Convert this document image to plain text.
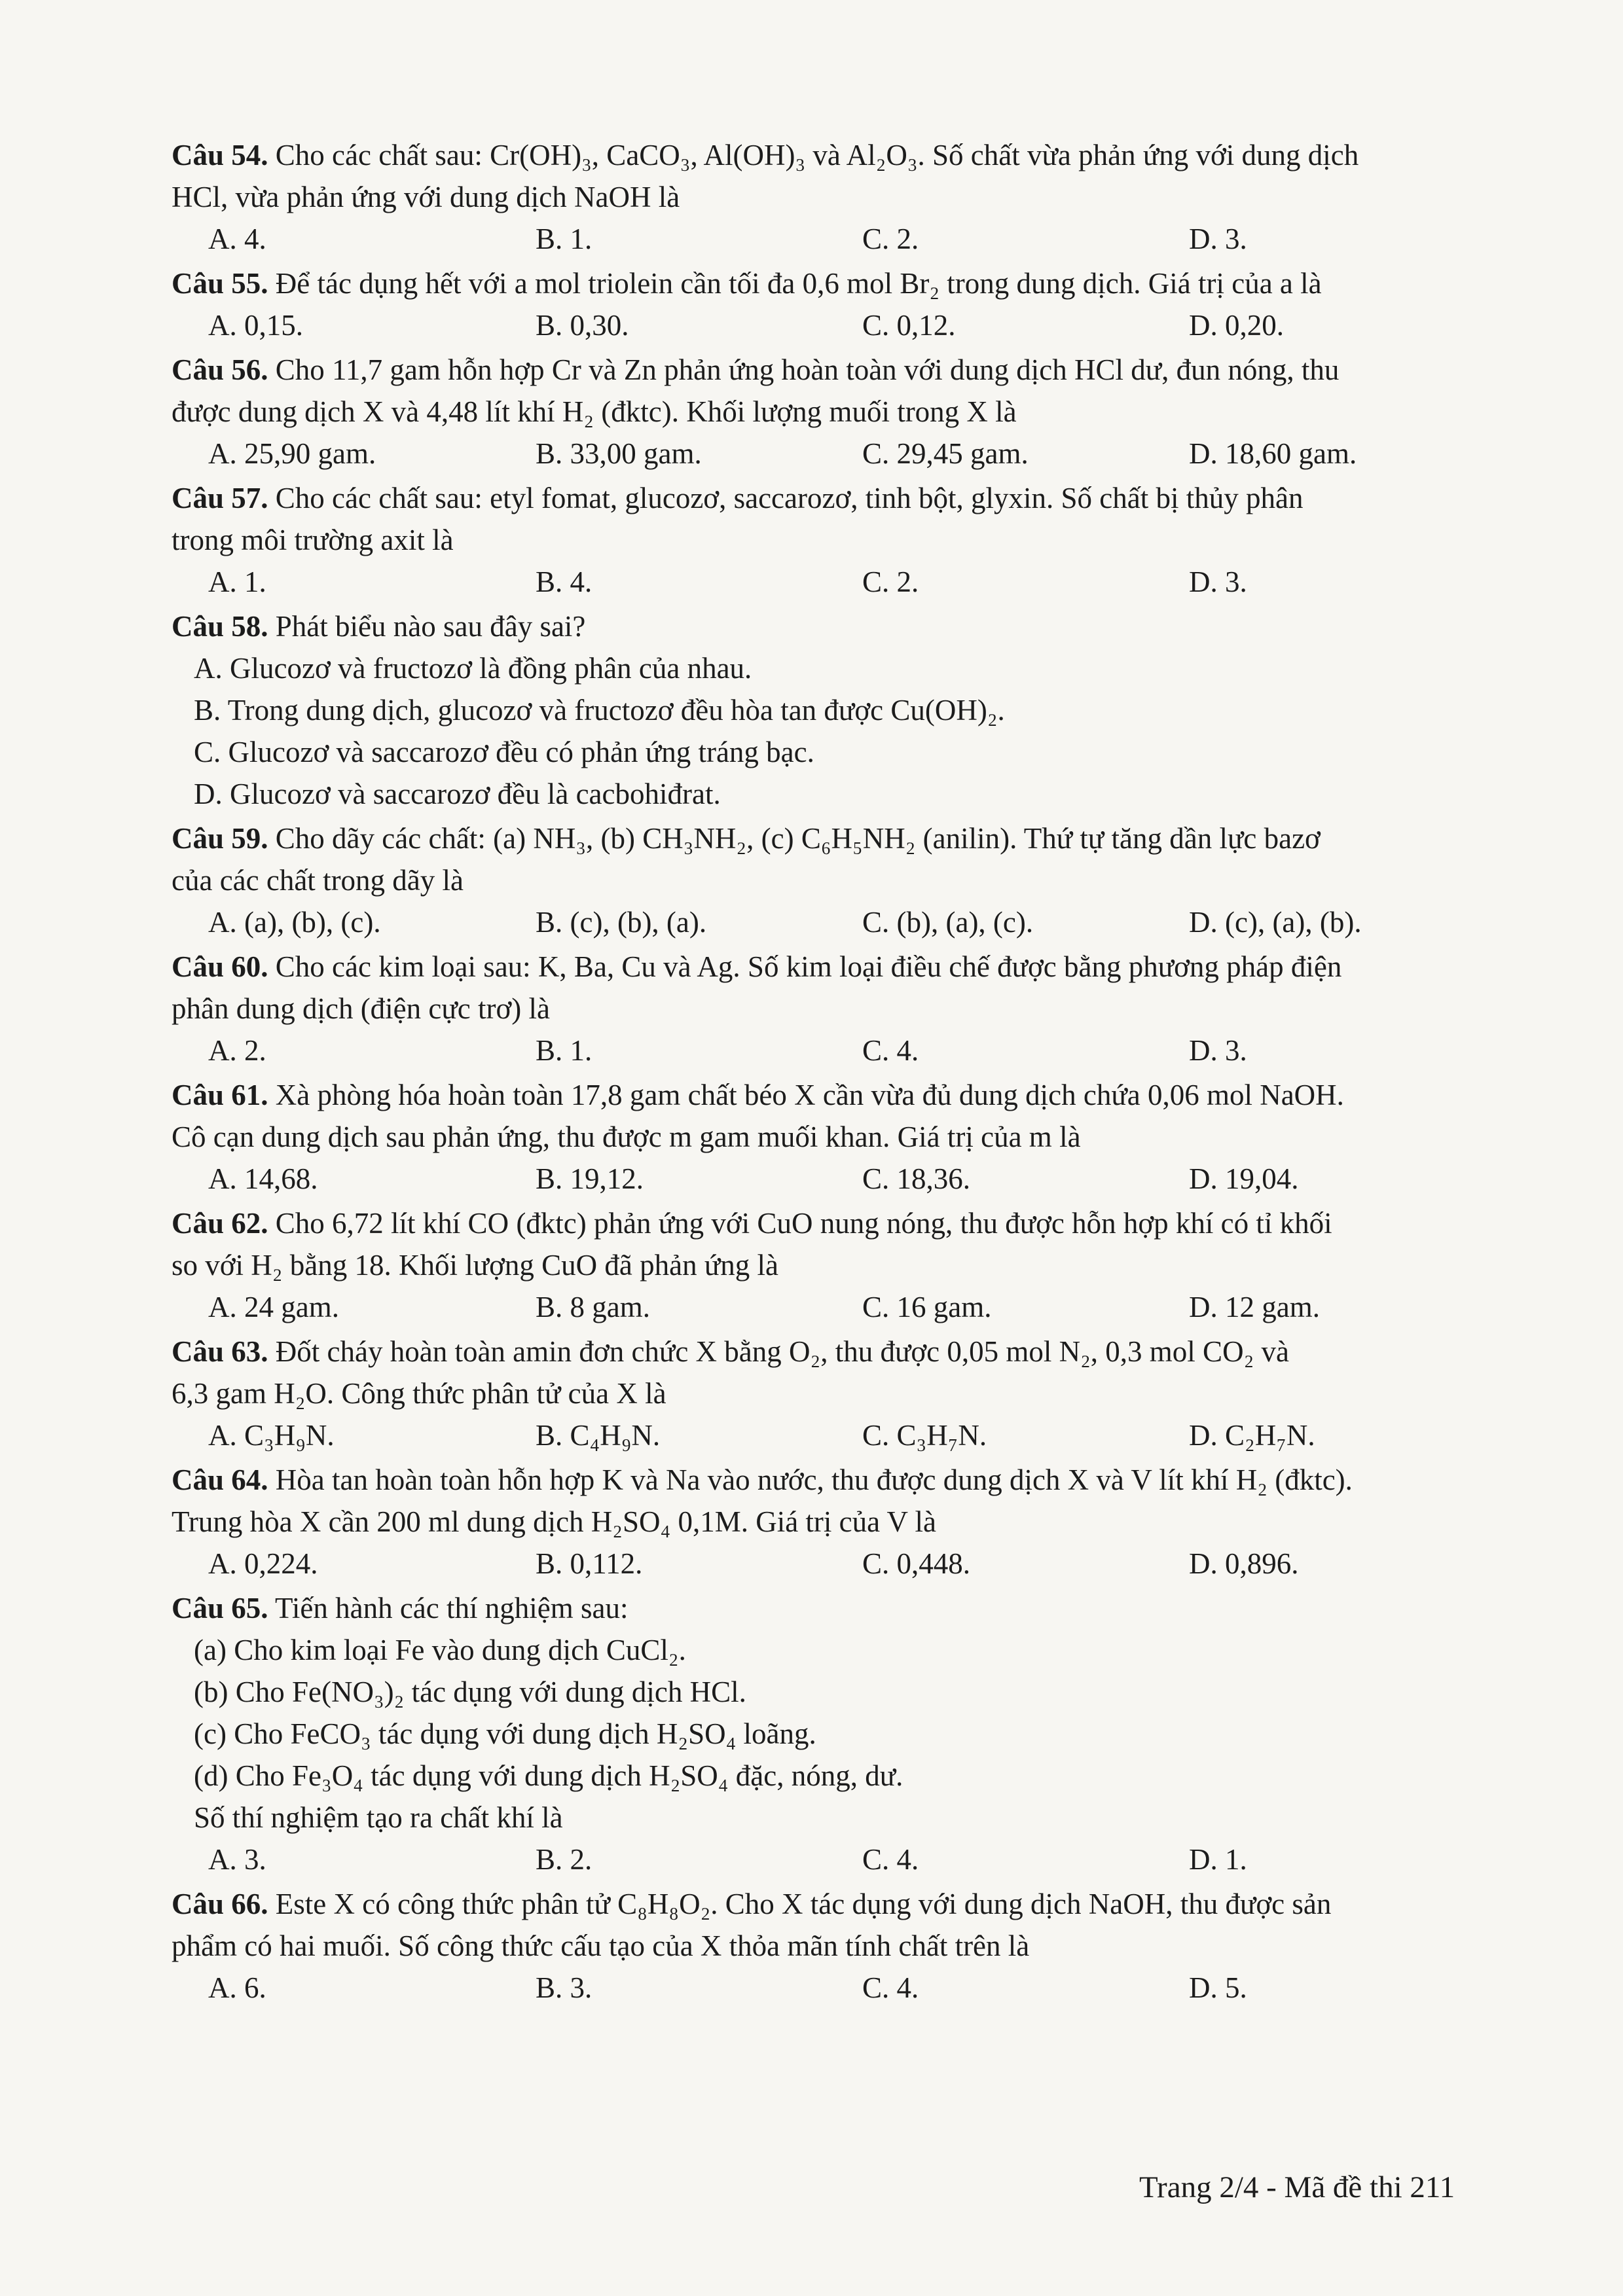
Câu 54. Cho các chất sau: Cr(OH)₃, CaCO₃, Al(OH)₃ và Al₂O₃. Số chất vừa phản ứng với dung dịch
HCl, vừa phản ứng với dung dịch NaOH là
A. 4.	B. 1.	C. 2.	D. 3.
Câu 55. Để tác dụng hết với a mol triolein cần tối đa 0,6 mol Br₂ trong dung dịch. Giá trị của a là
A. 0,15.	B. 0,30.	C. 0,12.	D. 0,20.
Câu 56. Cho 11,7 gam hỗn hợp Cr và Zn phản ứng hoàn toàn với dung dịch HCl dư, đun nóng, thu
được dung dịch X và 4,48 lít khí H₂ (đktc). Khối lượng muối trong X là
A. 25,90 gam.	B. 33,00 gam.	C. 29,45 gam.	D. 18,60 gam.
Câu 57. Cho các chất sau: etyl fomat, glucozơ, saccarozơ, tinh bột, glyxin. Số chất bị thủy phân
trong môi trường axit là
A. 1.	B. 4.	C. 2.	D. 3.
Câu 58. Phát biểu nào sau đây sai?
A. Glucozơ và fructozơ là đồng phân của nhau.
B. Trong dung dịch, glucozơ và fructozơ đều hòa tan được Cu(OH)₂.
C. Glucozơ và saccarozơ đều có phản ứng tráng bạc.
D. Glucozơ và saccarozơ đều là cacbohiđrat.
Câu 59. Cho dãy các chất: (a) NH₃, (b) CH₃NH₂, (c) C₆H₅NH₂ (anilin). Thứ tự tăng dần lực bazơ
của các chất trong dãy là
A. (a), (b), (c).	B. (c), (b), (a).	C. (b), (a), (c).	D. (c), (a), (b).
Câu 60. Cho các kim loại sau: K, Ba, Cu và Ag. Số kim loại điều chế được bằng phương pháp điện
phân dung dịch (điện cực trơ) là
A. 2.	B. 1.	C. 4.	D. 3.
Câu 61. Xà phòng hóa hoàn toàn 17,8 gam chất béo X cần vừa đủ dung dịch chứa 0,06 mol NaOH.
Cô cạn dung dịch sau phản ứng, thu được m gam muối khan. Giá trị của m là
A. 14,68.	B. 19,12.	C. 18,36.	D. 19,04.
Câu 62. Cho 6,72 lít khí CO (đktc) phản ứng với CuO nung nóng, thu được hỗn hợp khí có tỉ khối
so với H₂ bằng 18. Khối lượng CuO đã phản ứng là
A. 24 gam.	B. 8 gam.	C. 16 gam.	D. 12 gam.
Câu 63. Đốt cháy hoàn toàn amin đơn chức X bằng O₂, thu được 0,05 mol N₂, 0,3 mol CO₂ và
6,3 gam H₂O. Công thức phân tử của X là
A. C₃H₉N.	B. C₄H₉N.	C. C₃H₇N.	D. C₂H₇N.
Câu 64. Hòa tan hoàn toàn hỗn hợp K và Na vào nước, thu được dung dịch X và V lít khí H₂ (đktc).
Trung hòa X cần 200 ml dung dịch H₂SO₄ 0,1M. Giá trị của V là
A. 0,224.	B. 0,112.	C. 0,448.	D. 0,896.
Câu 65. Tiến hành các thí nghiệm sau:
(a) Cho kim loại Fe vào dung dịch CuCl₂.
(b) Cho Fe(NO₃)₂ tác dụng với dung dịch HCl.
(c) Cho FeCO₃ tác dụng với dung dịch H₂SO₄ loãng.
(d) Cho Fe₃O₄ tác dụng với dung dịch H₂SO₄ đặc, nóng, dư.
Số thí nghiệm tạo ra chất khí là
A. 3.	B. 2.	C. 4.	D. 1.
Câu 66. Este X có công thức phân tử C₈H₈O₂. Cho X tác dụng với dung dịch NaOH, thu được sản
phẩm có hai muối. Số công thức cấu tạo của X thỏa mãn tính chất trên là
A. 6.	B. 3.	C. 4.	D. 5.
Trang 2/4 - Mã đề thi 211
